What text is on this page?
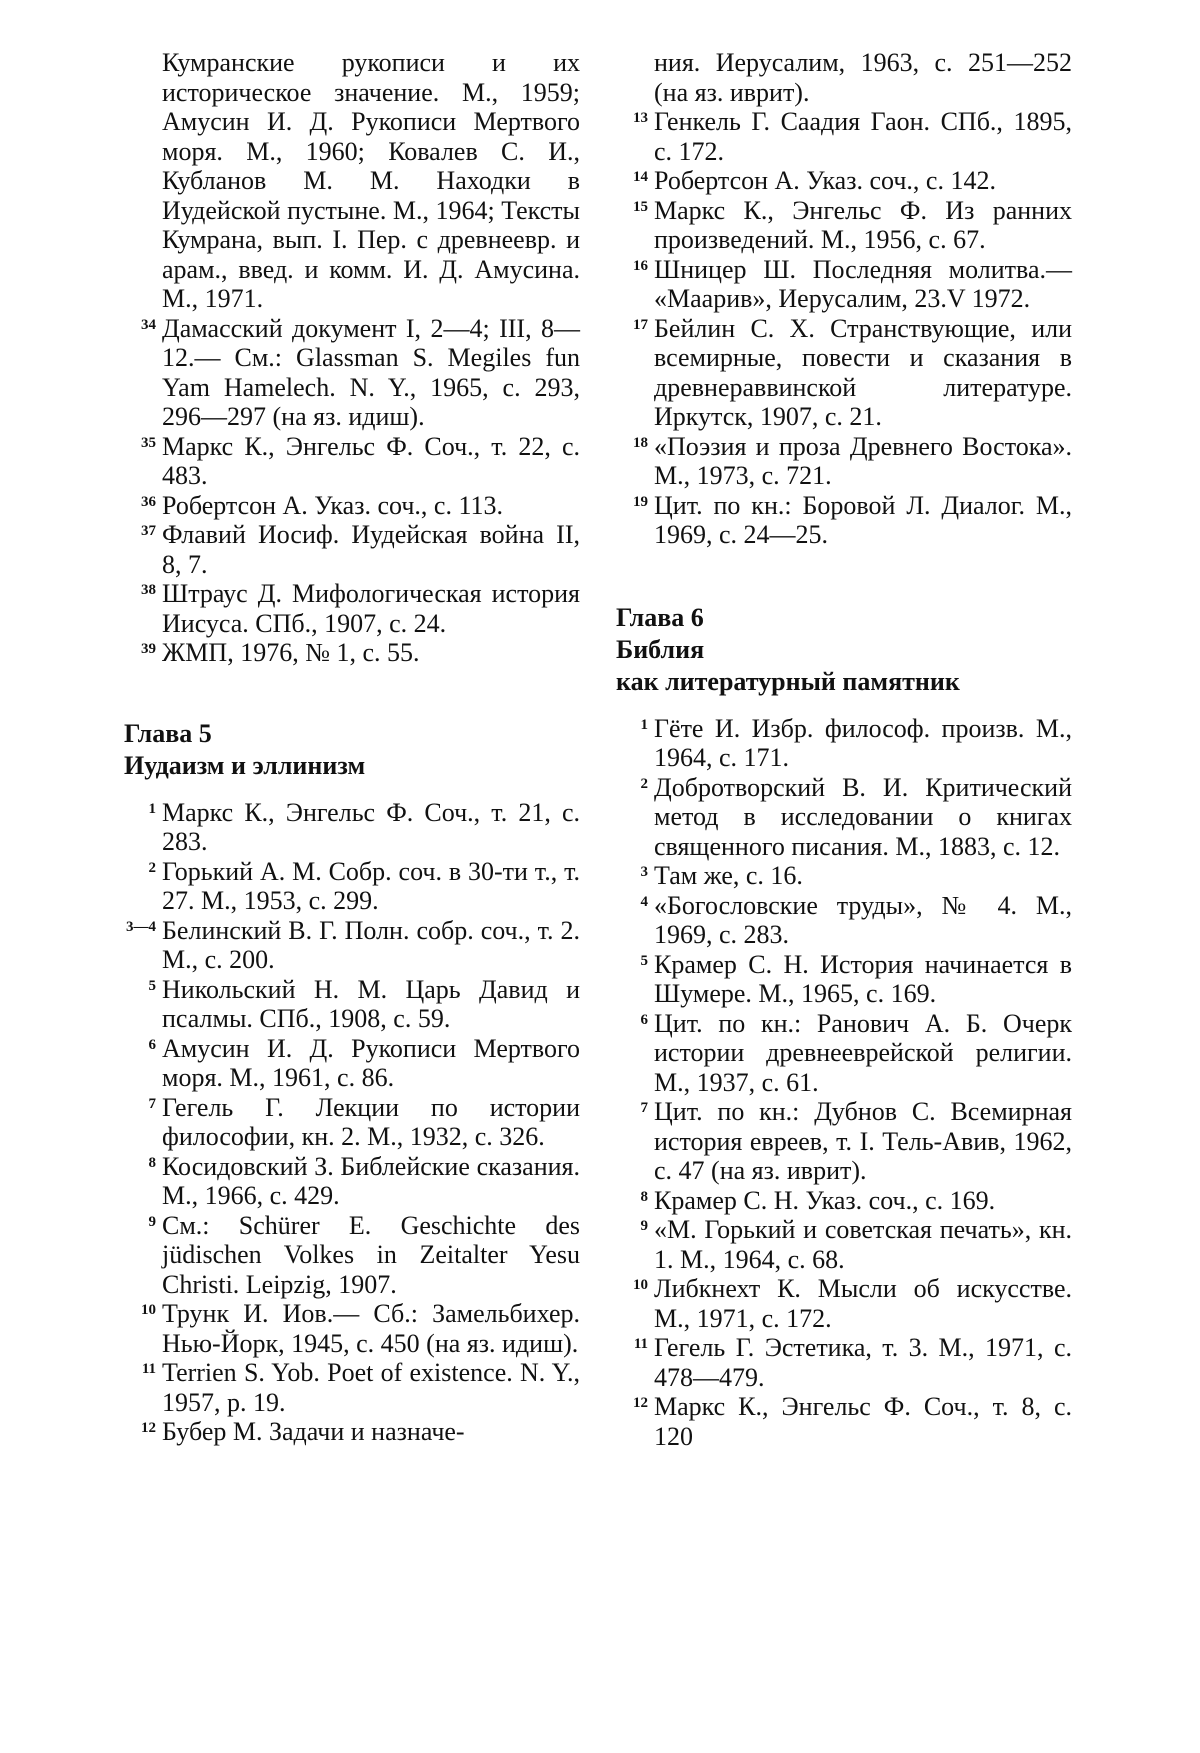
Кумранские рукописи и их историческое значение. М., 1959; Амусин И. Д. Рукописи Мертвого моря. М., 1960; Ковалев С. И., Кубланов М. М. Находки в Иудейской пустыне. М., 1964; Тексты Кумрана, вып. I. Пер. с древнеевр. и арам., введ. и комм. И. Д. Амусина. М., 1971.
34 Дамасский документ I, 2—4; III, 8—12.— См.: Glassman S. Megiles fun Yam Hamelech. N. Y., 1965, с. 293, 296—297 (на яз. идиш).
35 Маркс К., Энгельс Ф. Соч., т. 22, с. 483.
36 Робертсон А. Указ. соч., с. 113.
37 Флавий Иосиф. Иудейская война II, 8, 7.
38 Штраус Д. Мифологическая история Иисуса. СПб., 1907, с. 24.
39 ЖМП, 1976, № 1, с. 55.
Глава 5
Иудаизм и эллинизм
1 Маркс К., Энгельс Ф. Соч., т. 21, с. 283.
2 Горький А. М. Собр. соч. в 30-ти т., т. 27. М., 1953, с. 299.
3—4 Белинский В. Г. Полн. собр. соч., т. 2. М., с. 200.
5 Никольский Н. М. Царь Давид и псалмы. СПб., 1908, с. 59.
6 Амусин И. Д. Рукописи Мертвого моря. М., 1961, с. 86.
7 Гегель Г. Лекции по истории философии, кн. 2. М., 1932, с. 326.
8 Косидовский З. Библейские сказания. М., 1966, с. 429.
9 См.: Schürer E. Geschichte des jüdischen Volkes in Zeitalter Yesu Christi. Leipzig, 1907.
10 Трунк И. Иов.— Сб.: Замельбихер. Нью-Йорк, 1945, с. 450 (на яз. идиш).
11 Terrien S. Yob. Poet of existence. N. Y., 1957, p. 19.
12 Бубер М. Задачи и назначе-
ния. Иерусалим, 1963, с. 251—252 (на яз. иврит).
13 Генкель Г. Саадия Гаон. СПб., 1895, с. 172.
14 Робертсон А. Указ. соч., с. 142.
15 Маркс К., Энгельс Ф. Из ранних произведений. М., 1956, с. 67.
16 Шницер Ш. Последняя молитва.— «Маарив», Иерусалим, 23.V 1972.
17 Бейлин С. Х. Странствующие, или всемирные, повести и сказания в древнераввинской литературе. Иркутск, 1907, с. 21.
18 «Поэзия и проза Древнего Востока». М., 1973, с. 721.
19 Цит. по кн.: Боровой Л. Диалог. М., 1969, с. 24—25.
Глава 6
Библия
как литературный памятник
1 Гёте И. Избр. философ. произв. М., 1964, с. 171.
2 Добротворский В. И. Критический метод в исследовании о книгах священного писания. М., 1883, с. 12.
3 Там же, с. 16.
4 «Богословские труды», № 4. М., 1969, с. 283.
5 Крамер С. Н. История начинается в Шумере. М., 1965, с. 169.
6 Цит. по кн.: Ранович А. Б. Очерк истории древнееврейской религии. М., 1937, с. 61.
7 Цит. по кн.: Дубнов С. Всемирная история евреев, т. I. Тель-Авив, 1962, с. 47 (на яз. иврит).
8 Крамер С. Н. Указ. соч., с. 169.
9 «М. Горький и советская печать», кн. 1. М., 1964, с. 68.
10 Либкнехт К. Мысли об искусстве. М., 1971, с. 172.
11 Гегель Г. Эстетика, т. 3. М., 1971, с. 478—479.
12 Маркс К., Энгельс Ф. Соч., т. 8, с. 120
